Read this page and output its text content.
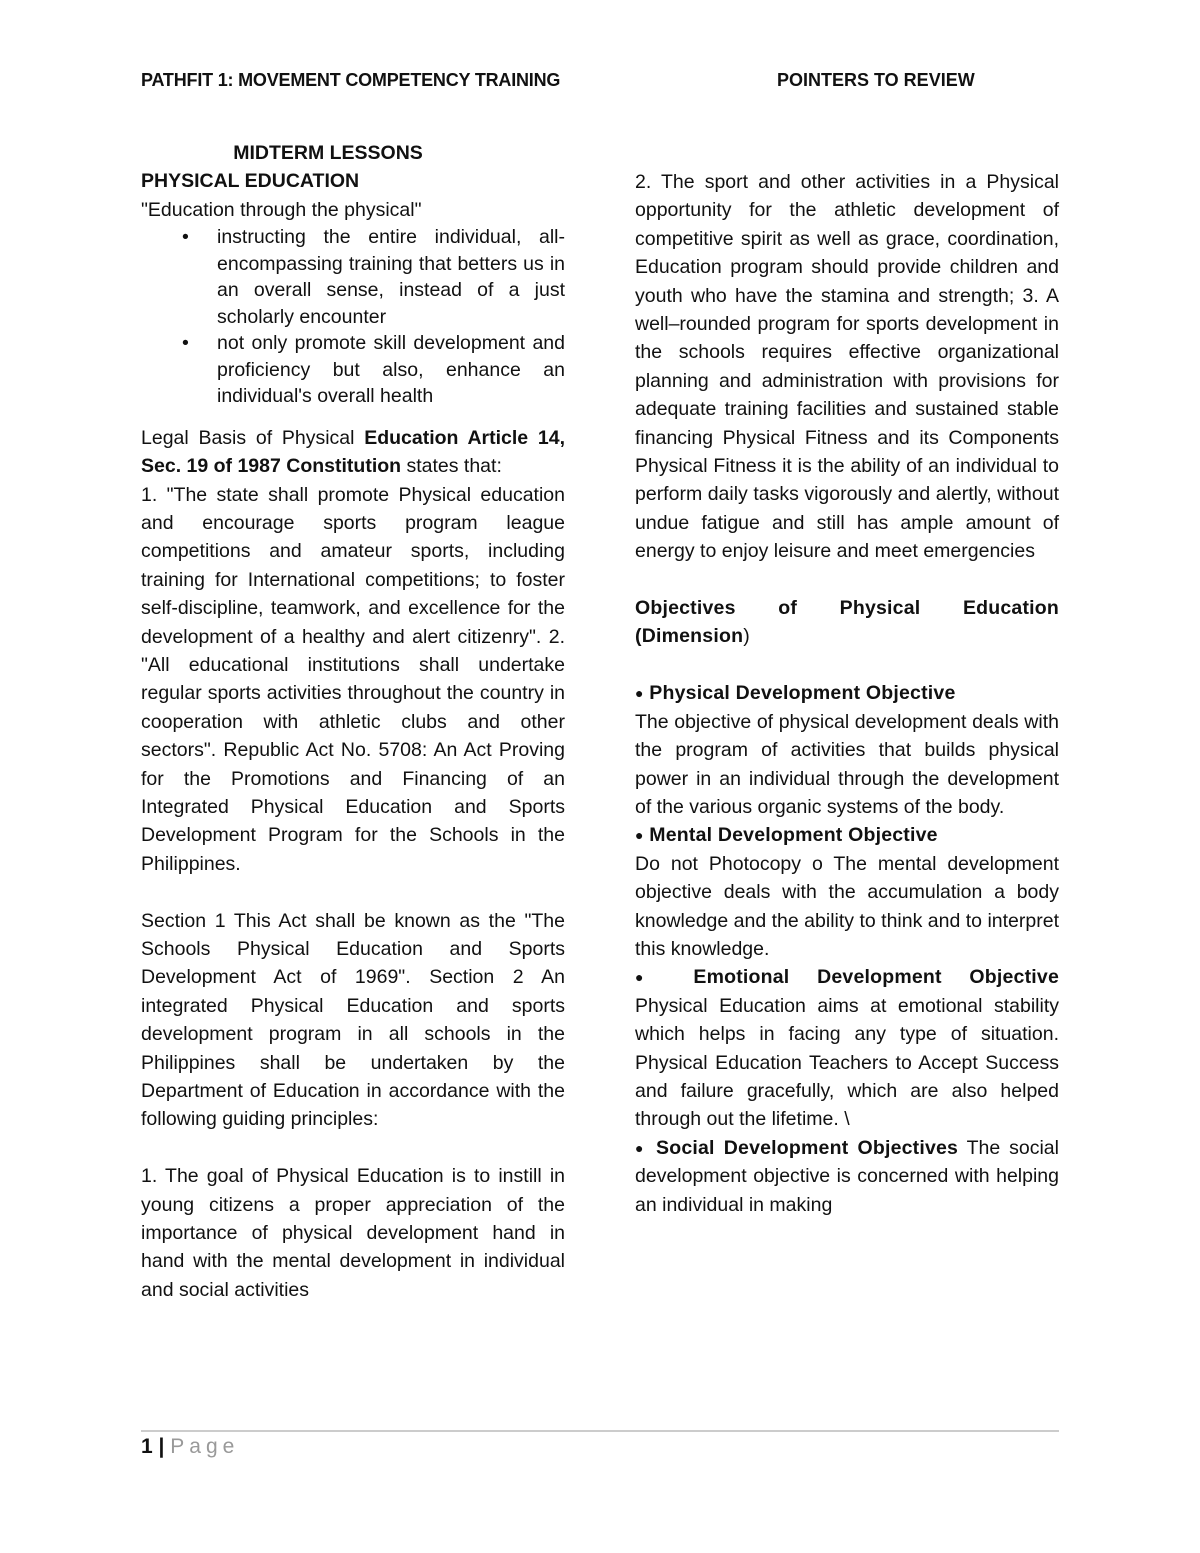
PATHFIT 1: MOVEMENT COMPETENCY TRAINING	POINTERS TO REVIEW

MIDTERM LESSONS

PHYSICAL EDUCATION

"Education through the physical"

• instructing the entire individual, all-encompassing training that betters us in an overall sense, instead of a just scholarly encounter
• not only promote skill development and proficiency but also, enhance an individual's overall health

Legal Basis of Physical Education Article 14, Sec. 19 of 1987 Constitution states that:

1. "The state shall promote Physical education and encourage sports program league competitions and amateur sports, including training for International competitions; to foster self-discipline, teamwork, and excellence for the development of a healthy and alert citizenry". 2. "All educational institutions shall undertake regular sports activities throughout the country in cooperation with athletic clubs and other sectors". Republic Act No. 5708: An Act Proving for the Promotions and Financing of an Integrated Physical Education and Sports Development Program for the Schools in the Philippines.

Section 1 This Act shall be known as the "The Schools Physical Education and Sports Development Act of 1969". Section 2 An integrated Physical Education and sports development program in all schools in the Philippines shall be undertaken by the Department of Education in accordance with the following guiding principles:

1. The goal of Physical Education is to instill in young citizens a proper appreciation of the importance of physical development hand in hand with the mental development in individual and social activities

2. The sport and other activities in a Physical opportunity for the athletic development of competitive spirit as well as grace, coordination, Education program should provide children and youth who have the stamina and strength; 3. A well–rounded program for sports development in the schools requires effective organizational planning and administration with provisions for adequate training facilities and sustained stable financing Physical Fitness and its Components Physical Fitness it is the ability of an individual to perform daily tasks vigorously and alertly, without undue fatigue and still has ample amount of energy to enjoy leisure and meet emergencies

Objectives of Physical Education (Dimension)

● Physical Development Objective

The objective of physical development deals with the program of activities that builds physical power in an individual through the development of the various organic systems of the body.

● Mental Development Objective

Do not Photocopy o The mental development objective deals with the accumulation a body knowledge and the ability to think and to interpret this knowledge.

● Emotional Development Objective

Physical Education aims at emotional stability which helps in facing any type of situation. Physical Education Teachers to Accept Success and failure gracefully, which are also helped through out the lifetime. \

● Social Development Objectives The social development objective is concerned with helping an individual in making

1 | Page
